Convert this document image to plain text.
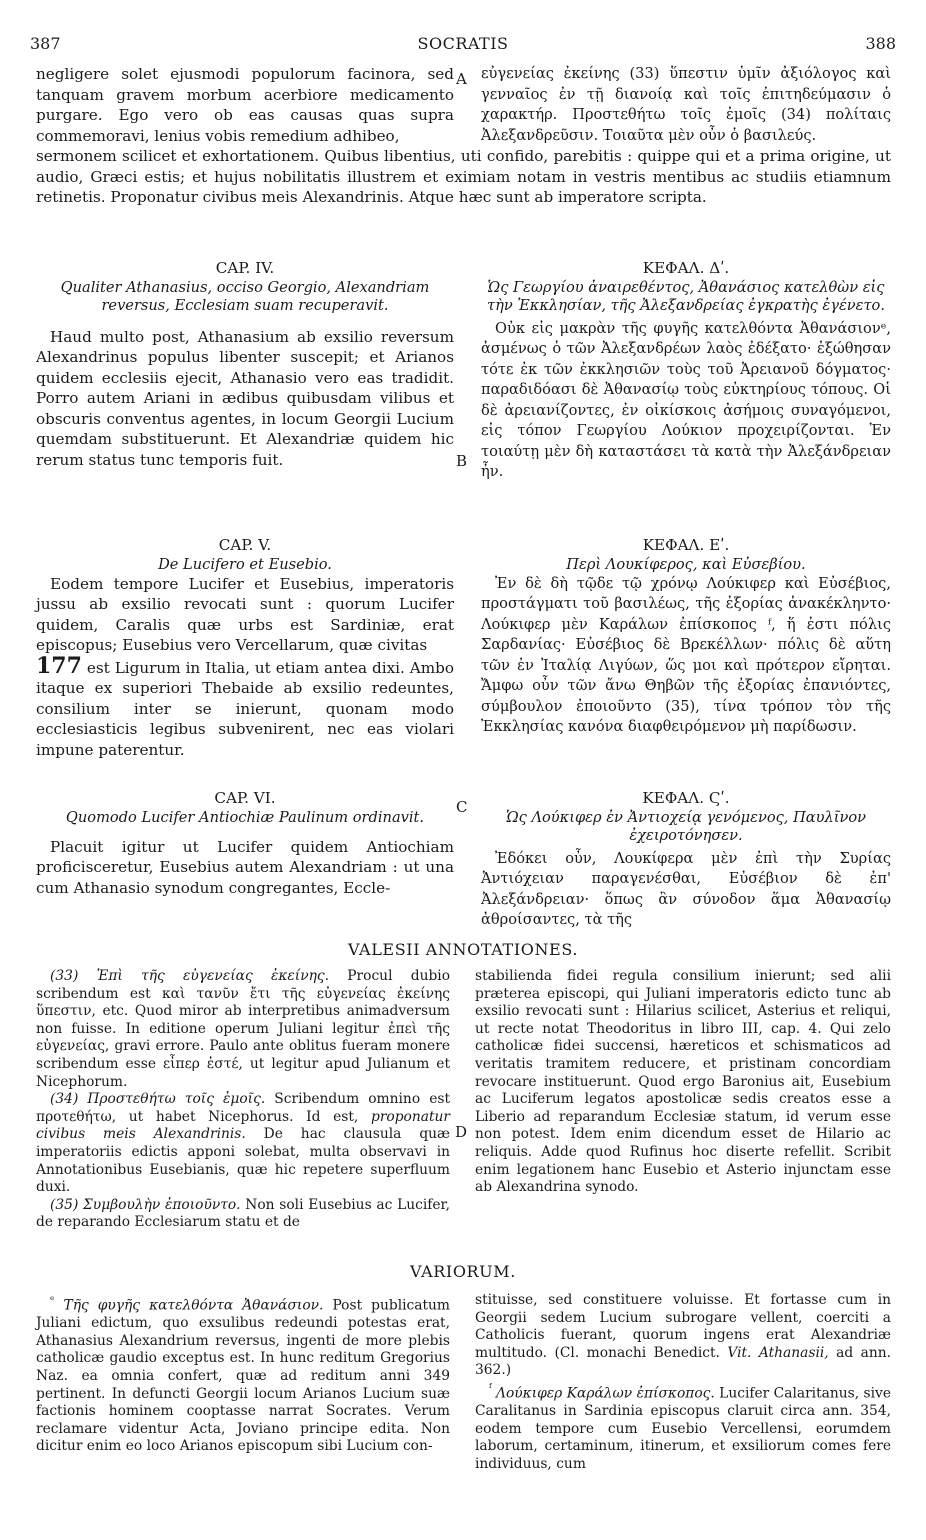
387	SOCRATIS	388

negligere solet ejusmodi populorum facinora, sed tanquam gravem morbum acerbiore medicamento purgare. Ego vero ob eas causas quas supra commemoravi, lenius vobis remedium adhibeo,

A εὐγενείας ἐκείνης (33) ὕπεστιν ὑμῖν ἀξιόλογος καὶ γενναῖος ἐν τῇ διανοίᾳ καὶ τοῖς ἐπιτηδεύμασιν ὁ χαρακτήρ. Προστεθήτω τοῖς ἐμοῖς (34) πολίταις Ἀλεξανδρεῦσιν. Τοιαῦτα μὲν οὖν ὁ βασιλεύς.

sermonem scilicet et exhortationem. Quibus libentius, uti confido, parebitis : quippe qui et a prima origine, ut audio, Græci estis; et hujus nobilitatis illustrem et eximiam notam in vestris mentibus ac studiis etiamnum retinetis. Proponatur civibus meis Alexandrinis. Atque hæc sunt ab imperatore scripta.

CAP. IV.

Qualiter Athanasius, occiso Georgio, Alexandriam reversus, Ecclesiam suam recuperavit.

Haud multo post, Athanasium ab exsilio reversum Alexandrinus populus libenter suscepit; et Arianos quidem ecclesiis ejecit, Athanasio vero eas tradidit. Porro autem Ariani in ædibus quibusdam vilibus et obscuris conventus agentes, in locum Georgii Lucium quemdam substituerunt. Et Alexandriæ quidem hic rerum status tunc temporis fuit.	B

ΚΕΦΑΛ. Δʹ.

Ὡς Γεωργίου ἀναιρεθέντος, Ἀθανάσιος κατελθὼν εἰς τὴν Ἐκκλησίαν, τῆς Ἀλεξανδρείας ἐγκρατὴς ἐγένετο.

Οὐκ εἰς μακρὰν τῆς φυγῆς κατελθόντα Ἀθανάσιονᵉ, ἀσμένως ὁ τῶν Ἀλεξανδρέων λαὸς ἐδέξατο· ἐξώθησαν τότε ἐκ τῶν ἐκκλησιῶν τοὺς τοῦ Ἀρειανοῦ δόγματος· παραδιδόασι δὲ Ἀθανασίῳ τοὺς εὐκτηρίους τόπους. Οἱ δὲ ἀρειανίζοντες, ἐν οἰκίσκοις ἀσήμοις συναγόμενοι, εἰς τόπον Γεωργίου Λούκιον προχειρίζονται. Ἐν τοιαύτῃ μὲν δὴ καταστάσει τὰ κατὰ τὴν Ἀλεξάνδρειαν ἦν.

CAP. V.

De Lucifero et Eusebio.

Eodem tempore Lucifer et Eusebius, imperatoris jussu ab exsilio revocati sunt : quorum Lucifer quidem, Caralis quæ urbs est Sardiniæ, erat episcopus; Eusebius vero Vercellarum, quæ civitas

177 est Ligurum in Italia, ut etiam antea dixi. Ambo itaque ex superiori Thebaide ab exsilio redeuntes, consilium inter se inierunt, quonam modo ecclesiasticis legibus subvenirent, nec eas violari impune paterentur.

ΚΕΦΑΛ. Εʹ.

Περὶ Λουκίφερος, καὶ Εὐσεβίου.

Ἐν δὲ δὴ τῷδε τῷ χρόνῳ Λούκιφερ καὶ Εὐσέβιος, προστάγματι τοῦ βασιλέως, τῆς ἐξορίας ἀνακέκληντο· Λούκιφερ μὲν Καράλων ἐπίσκοπος ᶠ, ἥ ἐστι πόλις Σαρδανίας· Εὐσέβιος δὲ Βρεκέλλων· πόλις δὲ αὕτη τῶν ἐν Ἰταλίᾳ Λιγύων, ὥς μοι καὶ πρότερον εἴρηται. Ἄμφω οὖν τῶν ἄνω Θηβῶν τῆς ἐξορίας ἐπανιόντες, σύμβουλον ἐποιοῦντο (35), τίνα τρόπον τὸν τῆς Ἐκκλησίας κανόνα διαφθειρόμενον μὴ παρίδωσιν.

CAP. VI.

Quomodo Lucifer Antiochiæ Paulinum ordinavit.

Placuit igitur ut Lucifer quidem Antiochiam proficisceretur, Eusebius autem Alexandriam : ut una cum Athanasio synodum congregantes, Eccle-

C	ΚΕΦΑΛ. Ϛʹ.

Ὡς Λούκιφερ ἐν Ἀντιοχείᾳ γενόμενος, Παυλῖνον ἐχειροτόνησεν.

Ἐδόκει οὖν, Λουκίφερα μὲν ἐπὶ τὴν Συρίας Ἀντιόχειαν παραγενέσθαι, Εὐσέβιον δὲ ἐπ' Ἀλεξάνδρειαν· ὅπως ἂν σύνοδον ἅμα Ἀθανασίῳ ἀθροίσαντες, τὰ τῆς

VALESII ANNOTATIONES.

(33) Ἐπὶ τῆς εὐγενείας ἐκείνης. Procul dubio scribendum est καὶ τανῦν ἔτι τῆς εὐγενείας ἐκείνης ὕπεστιν, etc. Quod miror ab interpretibus animadversum non fuisse. In editione operum Juliani legitur ἐπεὶ τῆς εὐγενείας, gravi errore. Paulo ante oblitus fueram monere scribendum esse εἶπερ ἐστέ, ut legitur apud Julianum et Nicephorum.

(34) Προστεθήτω τοῖς ἐμοῖς. Scribendum omnino est προτεθήτω, ut habet Nicephorus. Id est, proponatur civibus meis Alexandrinis. De hac clausula quæ imperatoriis edictis apponi solebat, multa observavi in Annotationibus Eusebianis, quæ hic repetere superfluum duxi.

(35) Συμβουλὴν ἐποιοῦντο. Non soli Eusebius ac Lucifer, de reparando Ecclesiarum statu et de

D

stabilienda fidei regula consilium inierunt; sed alii præterea episcopi, qui Juliani imperatoris edicto tunc ab exsilio revocati sunt : Hilarius scilicet, Asterius et reliqui, ut recte notat Theodoritus in libro III, cap. 4. Qui zelo catholicæ fidei succensi, hæreticos et schismaticos ad veritatis tramitem reducere, et pristinam concordiam revocare instituerunt. Quod ergo Baronius ait, Eusebium ac Luciferum legatos apostolicæ sedis creatos esse a Liberio ad reparandum Ecclesiæ statum, id verum esse non potest. Idem enim dicendum esset de Hilario ac reliquis. Adde quod Rufinus hoc diserte refellit. Scribit enim legationem hanc Eusebio et Asterio injunctam esse ab Alexandrina synodo.

VARIORUM.

$^ᵉ$ Τῆς φυγῆς κατελθόντα Ἀθανάσιον. Post publicatum Juliani edictum, quo exsulibus redeundi potestas erat, Athanasius Alexandrium reversus, ingenti de more plebis catholicæ gaudio exceptus est. In hunc reditum Gregorius Naz. ea omnia confert, quæ ad reditum anni 349 pertinent. In defuncti Georgii locum Arianos Lucium suæ factionis hominem cooptasse narrat Socrates. Verum reclamare videntur Acta, Joviano principe edita. Non dicitur enim eo loco Arianos episcopum sibi Lucium con-

stituisse, sed constituere voluisse. Et fortasse cum in Georgii sedem Lucium subrogare vellent, coerciti a Catholicis fuerant, quorum ingens erat Alexandriæ multitudo. (Cl. monachi Benedict. Vit. Athanasii, ad ann. 362.)

$^ᶠ$ Λούκιφερ Καράλων ἐπίσκοπος. Lucifer Calaritanus, sive Caralitanus in Sardinia episcopus claruit circa ann. 354, eodem tempore cum Eusebio Vercellensi, eorumdem laborum, certaminum, itinerum, et exsiliorum comes fere individuus, cum
